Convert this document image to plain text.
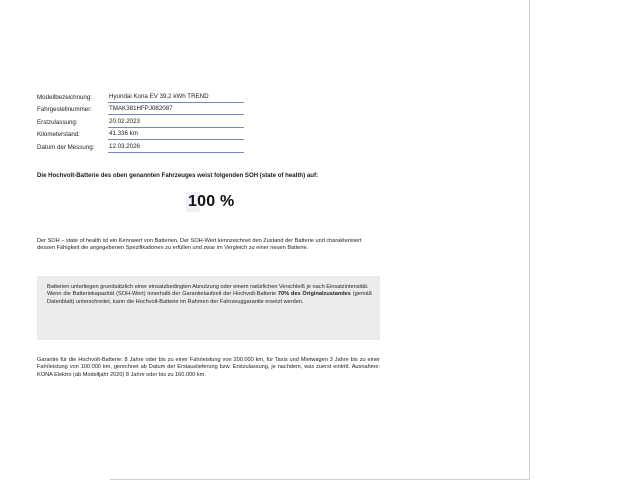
Modellbezeichnung:	Hyundai Kona EV 39.2 kWh TREND
Fahrgestellnummer:	TMAK381HFPJ082087
Erstzulassung:	20.02.2023
Kilometerstand:	41.336 km
Datum der Messung:	12.03.2026
Die Hochvolt-Batterie des oben genannten Fahrzeuges weist folgenden SOH (state of health) auf:
100 %
Der SOH – state of health ist ein Kennwert von Batterien. Der SOH-Wert kennzeichnet den Zustand der Batterie und charakterisiert dessen Fähigkeit die angegebenen Spezifikationen zu erfüllen und zwar im Vergleich zu einer neuen Batterie.
Batterien unterliegen grundsätzlich einer einsatzbedingten Abnutzung oder einem natürlichen Verschleiß je nach Einsatzintensität.
Wenn die Batteriekapazität (SOH-Wert) innerhalb der Garantielaufzeit der Hochvolt-Batterie 70% des Originalzustandes (gemäß Datenblatt) unterschreitet, kann die Hochvolt-Batterie im Rahmen der Fahrzeuggarantie ersetzt werden.
Garantie für die Hochvolt-Batterie: 8 Jahre oder bis zu einer Fahrleistung von 200.000 km, für Taxis und Mietwagen 3 Jahre bis zu einer Fahrleistung von 100.000 km, gerechnet ab Datum der Erstauslieferung bzw. Erstzulassung, je nachdem, was zuerst eintritt. Ausnahme: KONA Elektro (ab Modelljahr 2020) 8 Jahre oder bis zu 160.000 km.
